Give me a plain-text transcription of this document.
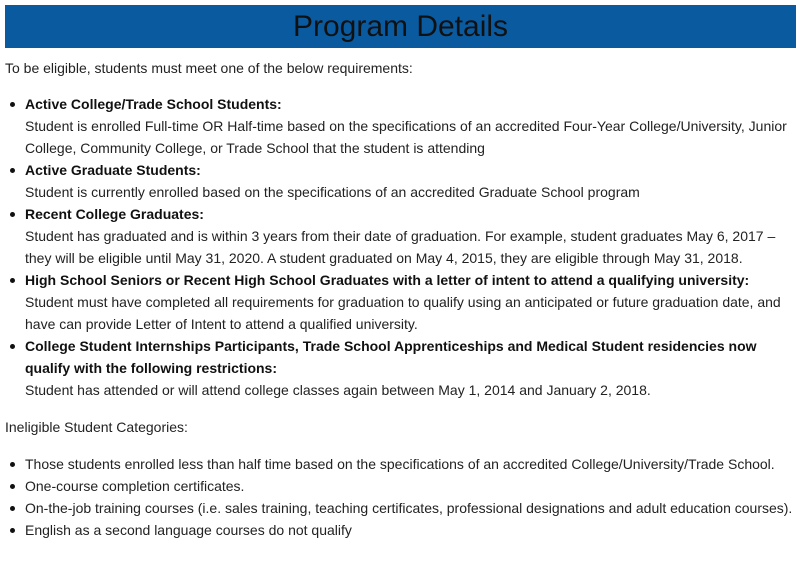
Program Details

To be eligible, students must meet one of the below requirements:

Active College/Trade School Students:
Student is enrolled Full-time OR Half-time based on the specifications of an accredited Four-Year College/University, Junior College, Community College, or Trade School that the student is attending
Active Graduate Students:
Student is currently enrolled based on the specifications of an accredited Graduate School program
Recent College Graduates:
Student has graduated and is within 3 years from their date of graduation. For example, student graduates May 6, 2017 – they will be eligible until May 31, 2020. A student graduated on May 4, 2015, they are eligible through May 31, 2018.
High School Seniors or Recent High School Graduates with a letter of intent to attend a qualifying university:
Student must have completed all requirements for graduation to qualify using an anticipated or future graduation date, and have can provide Letter of Intent to attend a qualified university.
College Student Internships Participants, Trade School Apprenticeships and Medical Student residencies now qualify with the following restrictions:
Student has attended or will attend college classes again between May 1, 2014 and January 2, 2018.

Ineligible Student Categories:

Those students enrolled less than half time based on the specifications of an accredited College/University/Trade School.
One-course completion certificates.
On-the-job training courses (i.e. sales training, teaching certificates, professional designations and adult education courses).
English as a second language courses do not qualify
